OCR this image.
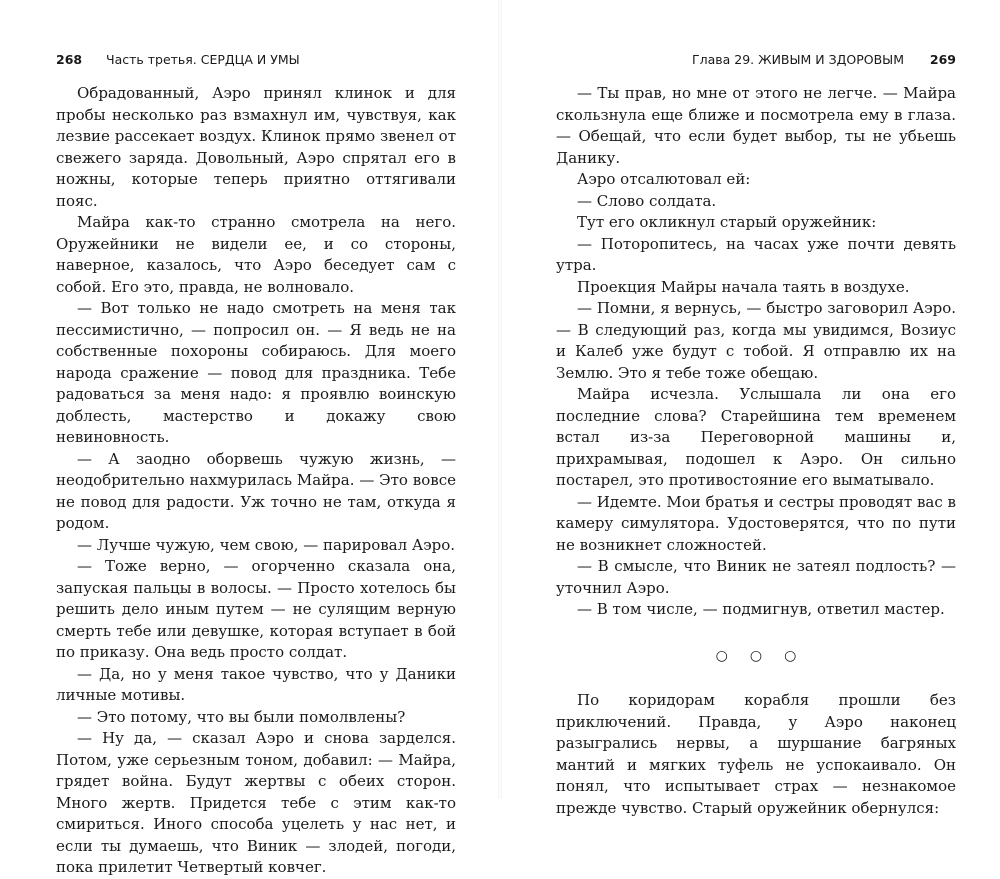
268 Часть третья. СЕРДЦА И УМЫ

Обрадованный, Аэро принял клинок и для пробы несколько раз взмахнул им, чувствуя, как лезвие рассекает воздух. Клинок прямо звенел от свежего заряда. Довольный, Аэро спрятал его в ножны, которые теперь приятно оттягивали пояс.

Майра как-то странно смотрела на него. Оружейники не видели ее, и со стороны, наверное, казалось, что Аэро беседует сам с собой. Его это, правда, не волновало.

— Вот только не надо смотреть на меня так пессимистично, — попросил он. — Я ведь не на собственные похороны собираюсь. Для моего народа сражение — повод для праздника. Тебе радоваться за меня надо: я проявлю воинскую доблесть, мастерство и докажу свою невиновность.

— А заодно оборвешь чужую жизнь, — неодобрительно нахмурилась Майра. — Это вовсе не повод для радости. Уж точно не там, откуда я родом.

— Лучше чужую, чем свою, — парировал Аэро.

— Тоже верно, — огорченно сказала она, запуская пальцы в волосы. — Просто хотелось бы решить дело иным путем — не сулящим верную смерть тебе или девушке, которая вступает в бой по приказу. Она ведь просто солдат.

— Да, но у меня такое чувство, что у Даники личные мотивы.

— Это потому, что вы были помолвлены?

— Ну да, — сказал Аэро и снова зарделся. Потом, уже серьезным тоном, добавил: — Майра, грядет война. Будут жертвы с обеих сторон. Много жертв. Придется тебе с этим как-то смириться. Иного способа уцелеть у нас нет, и если ты думаешь, что Виник — злодей, погоди, пока прилетит Четвертый ковчег.

Глава 29. ЖИВЫМ И ЗДОРОВЫМ 269

— Ты прав, но мне от этого не легче. — Майра скользнула еще ближе и посмотрела ему в глаза. — Обещай, что если будет выбор, ты не убьешь Данику.

Аэро отсалютовал ей:

— Слово солдата.

Тут его окликнул старый оружейник:

— Поторопитесь, на часах уже почти девять утра.

Проекция Майры начала таять в воздухе.

— Помни, я вернусь, — быстро заговорил Аэро. — В следующий раз, когда мы увидимся, Возиус и Калеб уже будут с тобой. Я отправлю их на Землю. Это я тебе тоже обещаю.

Майра исчезла. Услышала ли она его последние слова? Старейшина тем временем встал из-за Переговорной машины и, прихрамывая, подошел к Аэро. Он сильно постарел, это противостояние его выматывало.

— Идемте. Мои братья и сестры проводят вас в камеру симулятора. Удостоверятся, что по пути не возникнет сложностей.

— В смысле, что Виник не затеял подлость? — уточнил Аэро.

— В том числе, — подмигнув, ответил мастер.

○ ○ ○

По коридорам корабля прошли без приключений. Правда, у Аэро наконец разыгрались нервы, а шуршание багряных мантий и мягких туфель не успокаивало. Он понял, что испытывает страх — незнакомое прежде чувство. Старый оружейник обернулся:
